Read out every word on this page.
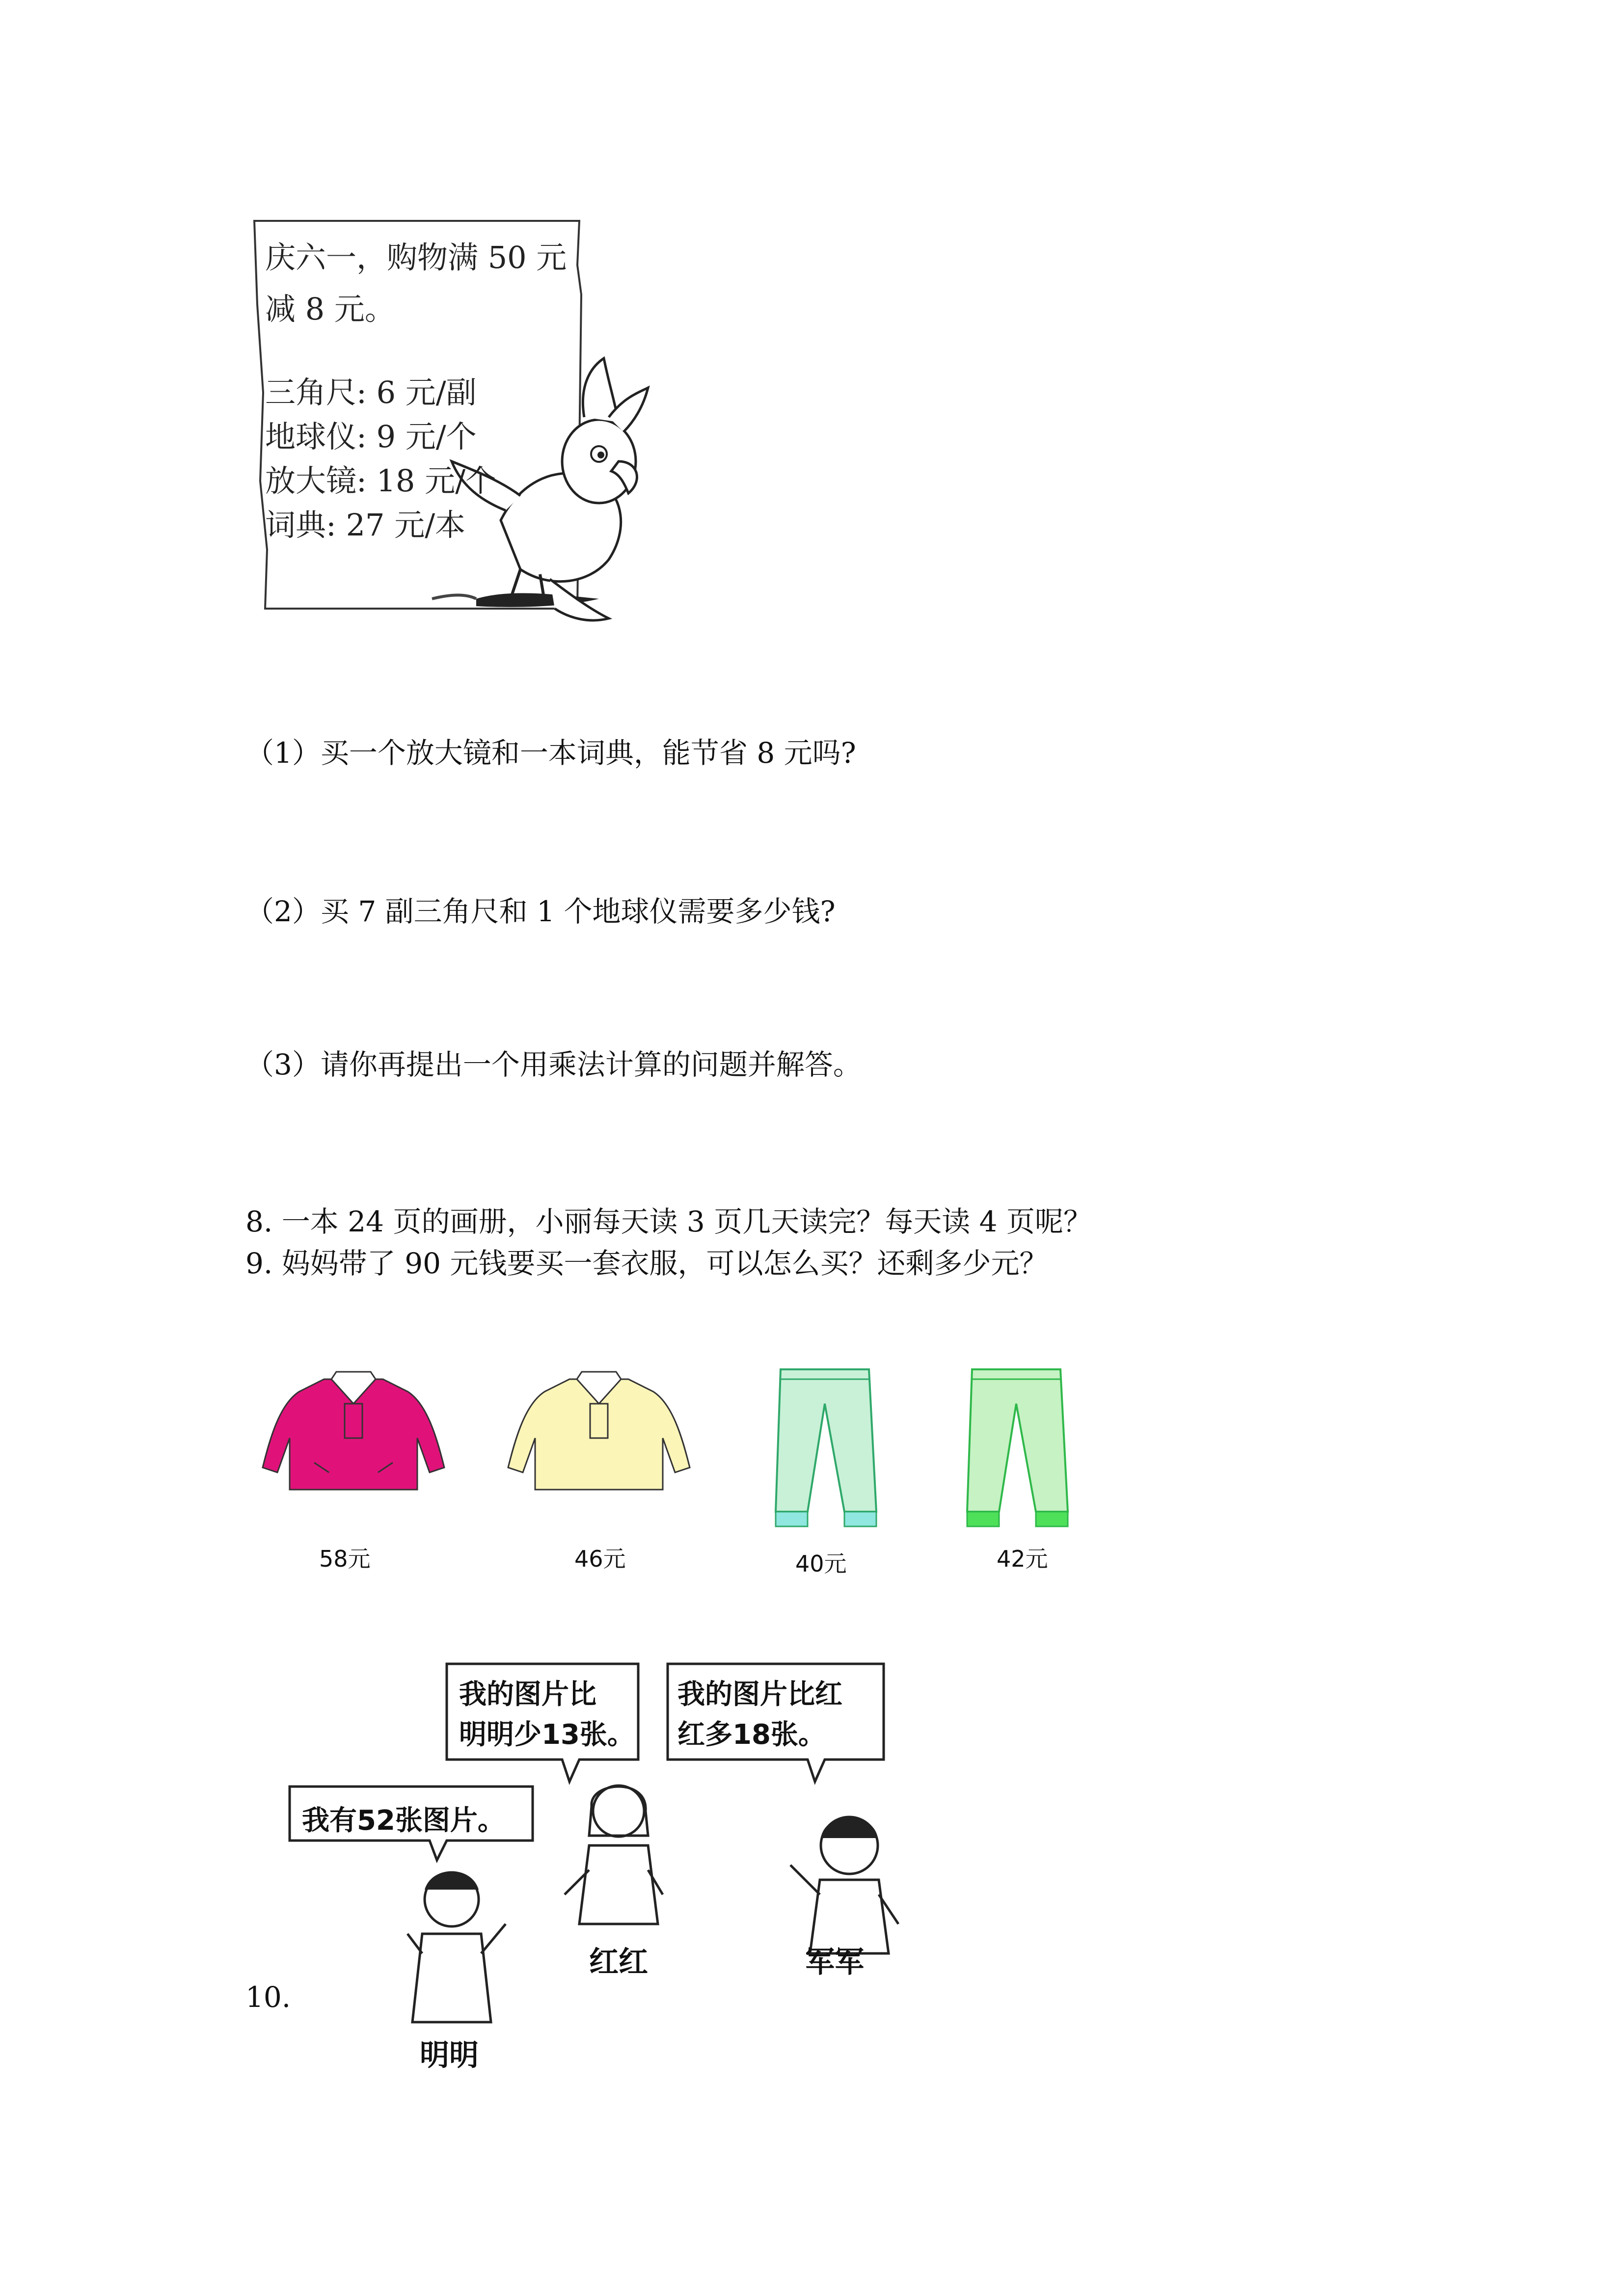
庆六一，购物满 50 元
减 8 元。
三角尺: 6 元/副
地球仪: 9 元/个
放大镜: 18 元/个
词典: 27 元/本
（1）买一个放大镜和一本词典，能节省 8 元吗?
（2）买 7 副三角尺和 1 个地球仪需要多少钱?
（3）请你再提出一个用乘法计算的问题并解答。
8. 一本 24 页的画册，小丽每天读 3 页几天读完？每天读 4 页呢？
9. 妈妈带了 90 元钱要买一套衣服，可以怎么买？还剩多少元？
58元	46元	40元	42元
10.
我有52张图片。
我的图片比
明明少13张。
我的图片比红
红多18张。
明明
红红	军军
